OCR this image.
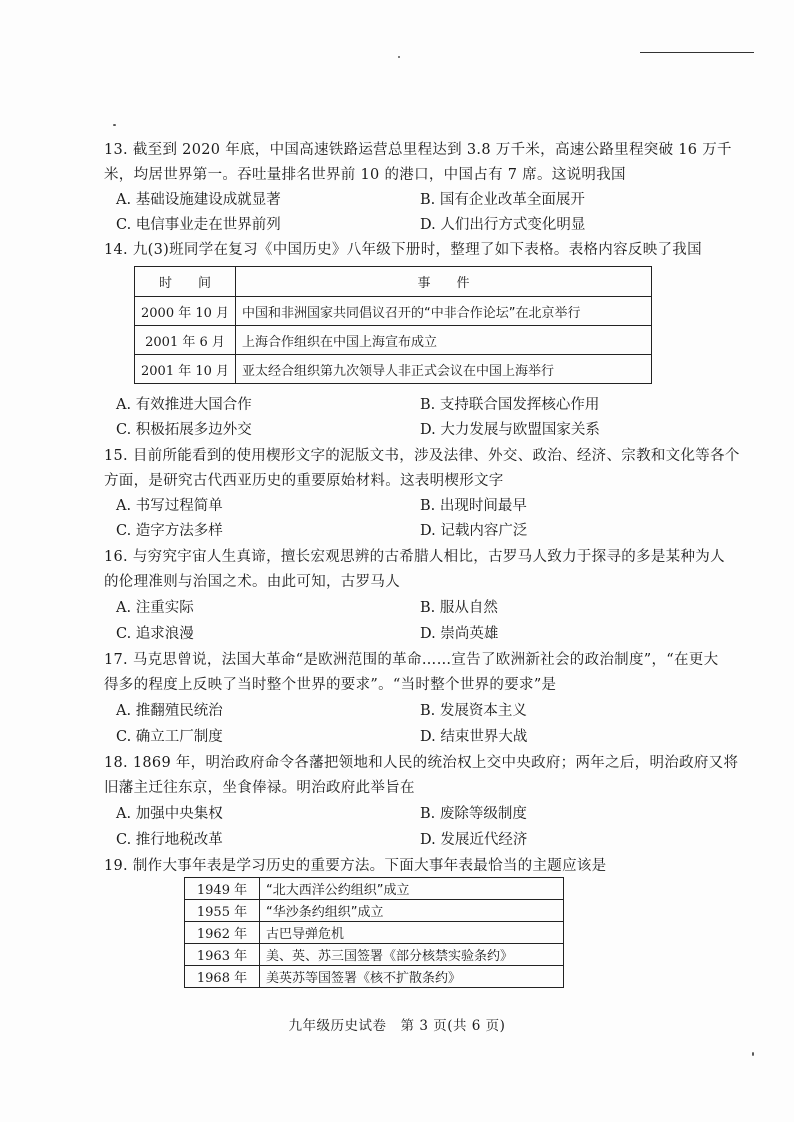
13. 截至到 2020 年底，中国高速铁路运营总里程达到 3.8 万千米，高速公路里程突破 16 万千
米，均居世界第一。吞吐量排名世界前 10 的港口，中国占有 7 席。这说明我国
A. 基础设施建设成就显著	B. 国有企业改革全面展开
C. 电信事业走在世界前列	D. 人们出行方式变化明显
14. 九(3)班同学在复习《中国历史》八年级下册时，整理了如下表格。表格内容反映了我国
时　　间	事　　件
2000 年 10 月	中国和非洲国家共同倡议召开的“中非合作论坛”在北京举行
2001 年 6 月	上海合作组织在中国上海宣布成立
2001 年 10 月	亚太经合组织第九次领导人非正式会议在中国上海举行
A. 有效推进大国合作	B. 支持联合国发挥核心作用
C. 积极拓展多边外交	D. 大力发展与欧盟国家关系
15. 目前所能看到的使用楔形文字的泥版文书，涉及法律、外交、政治、经济、宗教和文化等各个
方面，是研究古代西亚历史的重要原始材料。这表明楔形文字
A. 书写过程简单	B. 出现时间最早
C. 造字方法多样	D. 记载内容广泛
16. 与穷究宇宙人生真谛，擅长宏观思辨的古希腊人相比，古罗马人致力于探寻的多是某种为人
的伦理准则与治国之术。由此可知，古罗马人
A. 注重实际	B. 服从自然
C. 追求浪漫	D. 崇尚英雄
17. 马克思曾说，法国大革命“是欧洲范围的革命……宣告了欧洲新社会的政治制度”，“在更大
得多的程度上反映了当时整个世界的要求”。“当时整个世界的要求”是
A. 推翻殖民统治	B. 发展资本主义
C. 确立工厂制度	D. 结束世界大战
18. 1869 年，明治政府命令各藩把领地和人民的统治权上交中央政府；两年之后，明治政府又将
旧藩主迁往东京，坐食俸禄。明治政府此举旨在
A. 加强中央集权	B. 废除等级制度
C. 推行地税改革	D. 发展近代经济
19. 制作大事年表是学习历史的重要方法。下面大事年表最恰当的主题应该是
1949 年	“北大西洋公约组织”成立
1955 年	“华沙条约组织”成立
1962 年	古巴导弹危机
1963 年	美、英、苏三国签署《部分核禁实验条约》
1968 年	美英苏等国签署《核不扩散条约》
九年级历史试卷　第 3 页(共 6 页)
